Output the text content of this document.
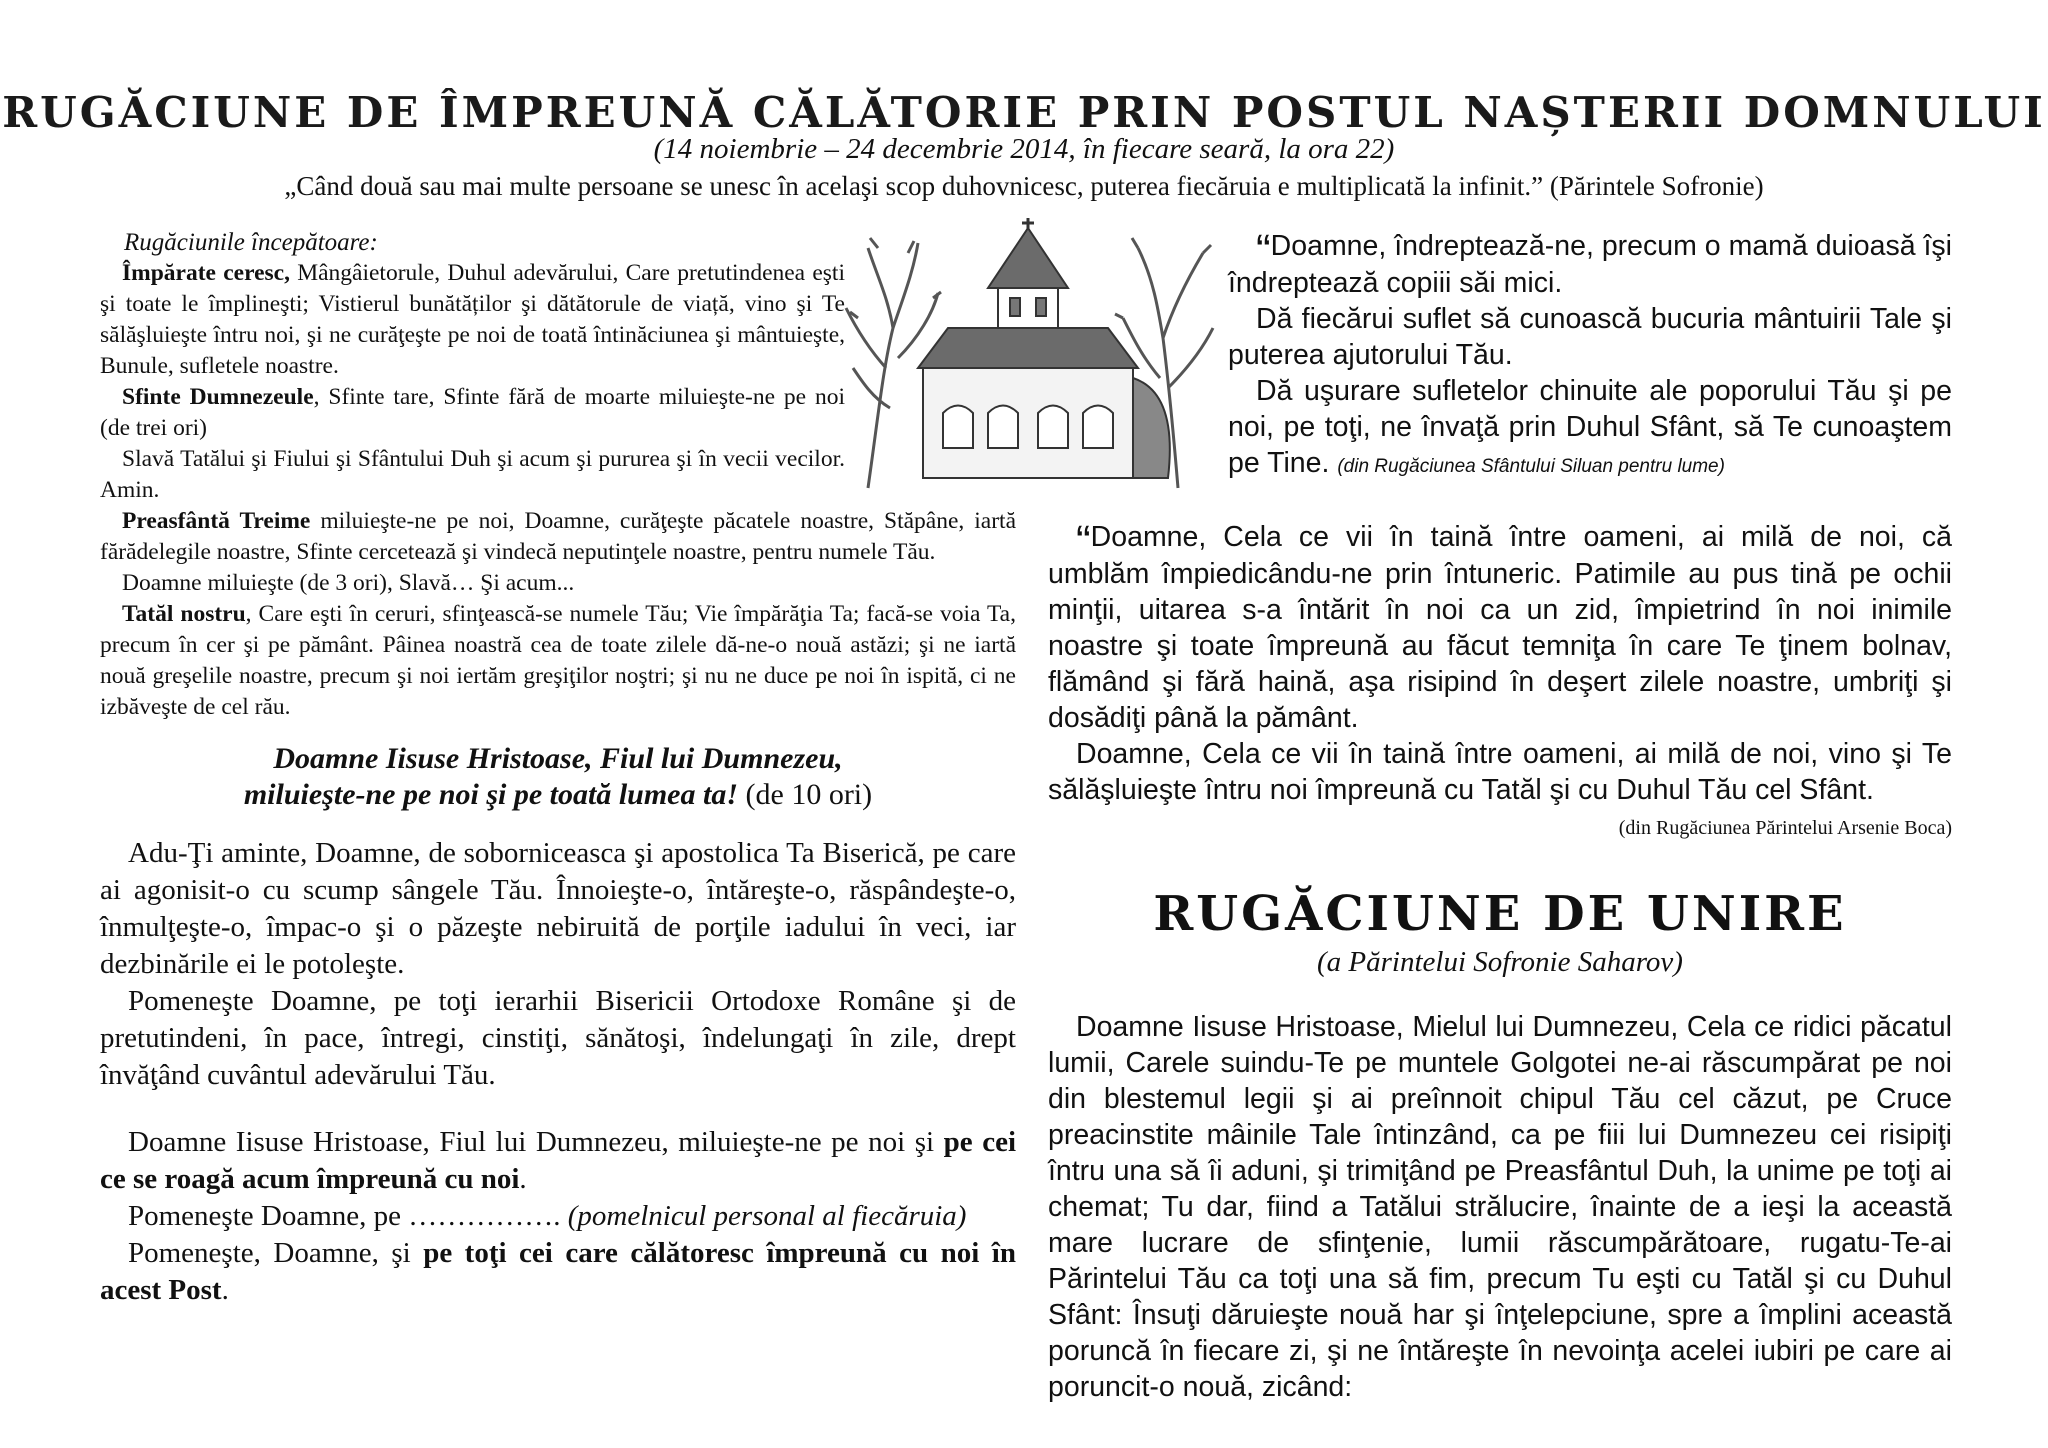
RUGĂCIUNE DE ÎMPREUNĂ CĂLĂTORIE PRIN POSTUL NAȘTERII DOMNULUI
(14 noiembrie – 24 decembrie 2014, în fiecare seară, la ora 22)
„Când două sau mai multe persoane se unesc în acelaşi scop duhovnicesc, puterea fiecăruia e multiplicată la infinit.” (Părintele Sofronie)
Rugăciunile începătoare:

Împărate ceresc, Mângâietorule, Duhul adevărului, Care pretutindenea eşti şi toate le împlineşti; Vistierul bunătăților şi dătătorule de viață, vino şi Te sălăşluieşte întru noi, şi ne curăţeşte pe noi de toată întinăciunea şi mântuieşte, Bunule, sufletele noastre.

Sfinte Dumnezeule, Sfinte tare, Sfinte fără de moarte miluieşte-ne pe noi (de trei ori)

Slavă Tatălui şi Fiului şi Sfântului Duh şi acum şi pururea şi în vecii vecilor. Amin.

Preasfântă Treime miluieşte-ne pe noi, Doamne, curăţeşte păcatele noastre, Stăpâne, iartă fărădelegile noastre, Sfinte cercetează şi vindecă neputinţele noastre, pentru numele Tău.

Doamne miluieşte (de 3 ori), Slavă… Şi acum...

Tatăl nostru, Care eşti în ceruri, sfinţească-se numele Tău; Vie împărăţia Ta; facă-se voia Ta, precum în cer şi pe pământ. Pâinea noastră cea de toate zilele dă-ne-o nouă astăzi; şi ne iartă nouă greşelile noastre, precum şi noi iertăm greşiţilor noştri; şi nu ne duce pe noi în ispită, ci ne izbăveşte de cel rău.

Doamne Iisuse Hristoase, Fiul lui Dumnezeu,
miluieşte-ne pe noi şi pe toată lumea ta! (de 10 ori)

Adu-Ţi aminte, Doamne, de soborniceasca şi apostolica Ta Biserică, pe care ai agonisit-o cu scump sângele Tău. Înnoieşte-o, întăreşte-o, răspândeşte-o, înmulţeşte-o, împac-o şi o păzeşte nebiruită de porţile iadului în veci, iar dezbinările ei le potoleşte.

Pomeneşte Doamne, pe toţi ierarhii Bisericii Ortodoxe Române şi de pretutindeni, în pace, întregi, cinstiţi, sănătoşi, îndelungaţi în zile, drept învăţând cuvântul adevărului Tău.

Doamne Iisuse Hristoase, Fiul lui Dumnezeu, miluieşte-ne pe noi şi pe cei ce se roagă acum împreună cu noi.

Pomeneşte Doamne, pe ……………. (pomelnicul personal al fiecăruia)

Pomeneşte, Doamne, şi pe toţi cei care călătoresc împreună cu noi în acest Post.

“Doamne, îndreptează-ne, precum o mamă duioasă îşi îndreptează copiii săi mici.

Dă fiecărui suflet să cunoască bucuria mântuirii Tale şi puterea ajutorului Tău.

Dă uşurare sufletelor chinuite ale poporului Tău şi pe noi, pe toţi, ne învaţă prin Duhul Sfânt, să Te cunoaştem pe Tine. (din Rugăciunea Sfântului Siluan pentru lume)

“Doamne, Cela ce vii în taină între oameni, ai milă de noi, că umblăm împiedicându-ne prin întuneric. Patimile au pus tină pe ochii minţii, uitarea s-a întărit în noi ca un zid, împietrind în noi inimile noastre şi toate împreună au făcut temniţa în care Te ţinem bolnav, flămând şi fără haină, aşa risipind în deşert zilele noastre, umbriţi şi dosădiţi până la pământ.

Doamne, Cela ce vii în taină între oameni, ai milă de noi, vino şi Te sălăşluieşte întru noi împreună cu Tatăl şi cu Duhul Tău cel Sfânt.

(din Rugăciunea Părintelui Arsenie Boca)
RUGĂCIUNE DE UNIRE
(a Părintelui Sofronie Saharov)

Doamne Iisuse Hristoase, Mielul lui Dumnezeu, Cela ce ridici păcatul lumii, Carele suindu-Te pe muntele Golgotei ne-ai răscumpărat pe noi din blestemul legii şi ai preînnoit chipul Tău cel căzut, pe Cruce preacinstite mâinile Tale întinzând, ca pe fiii lui Dumnezeu cei risipiţi întru una să îi aduni, şi trimiţând pe Preasfântul Duh, la unime pe toţi ai chemat; Tu dar, fiind a Tatălui strălucire, înainte de a ieşi la această mare lucrare de sfinţenie, lumii răscumpărătoare, rugatu-Te-ai Părintelui Tău ca toţi una să fim, precum Tu eşti cu Tatăl şi cu Duhul Sfânt: Însuţi dăruieşte nouă har şi înţelepciune, spre a împlini această poruncă în fiecare zi, şi ne întăreşte în nevoinţa acelei iubiri pe care ai poruncit-o nouă, zicând:
